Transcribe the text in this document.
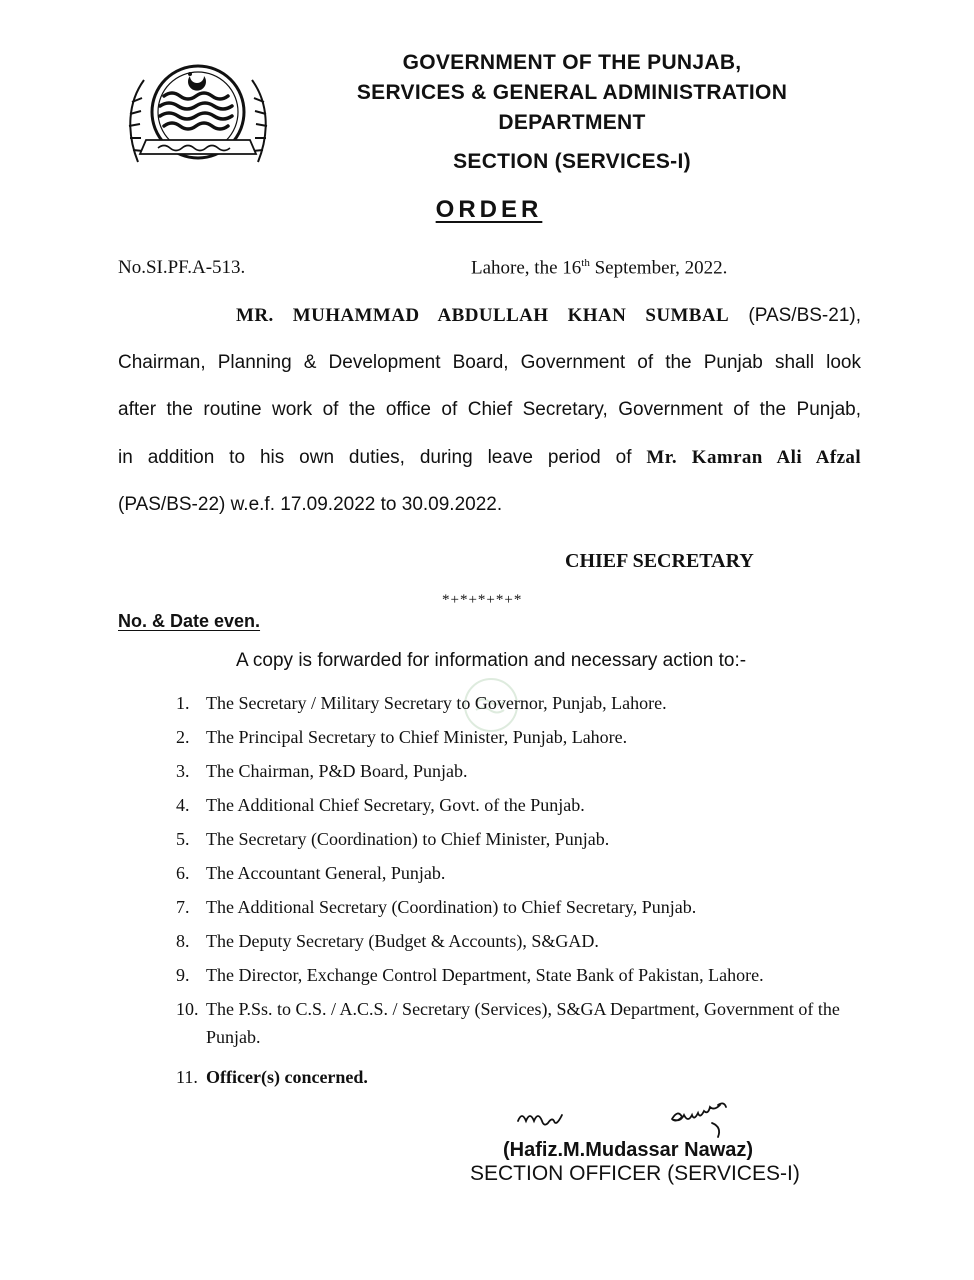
GOVERNMENT OF THE PUNJAB,
SERVICES & GENERAL ADMINISTRATION
DEPARTMENT
SECTION (SERVICES-I)
ORDER
No.SI.PF.A-513.	Lahore, the 16th September, 2022.
MR. MUHAMMAD ABDULLAH KHAN SUMBAL (PAS/BS-21),
Chairman, Planning & Development Board, Government of the Punjab shall look
after the routine work of the office of Chief Secretary, Government of the Punjab,
in addition to his own duties, during leave period of Mr. Kamran Ali Afzal
(PAS/BS-22) w.e.f. 17.09.2022 to 30.09.2022.
CHIEF SECRETARY
*+*+*+*+*
No. & Date even.
A copy is forwarded for information and necessary action to:-
1. The Secretary / Military Secretary to Governor, Punjab, Lahore.
2. The Principal Secretary to Chief Minister, Punjab, Lahore.
3. The Chairman, P&D Board, Punjab.
4. The Additional Chief Secretary, Govt. of the Punjab.
5. The Secretary (Coordination) to Chief Minister, Punjab.
6. The Accountant General, Punjab.
7. The Additional Secretary (Coordination) to Chief Secretary, Punjab.
8. The Deputy Secretary (Budget & Accounts), S&GAD.
9. The Director, Exchange Control Department, State Bank of Pakistan, Lahore.
10. The P.Ss. to C.S. / A.C.S. / Secretary (Services), S&GA Department, Government of the Punjab.
11. Officer(s) concerned.
(Hafiz.M.Mudassar Nawaz)
SECTION OFFICER (SERVICES-I)
